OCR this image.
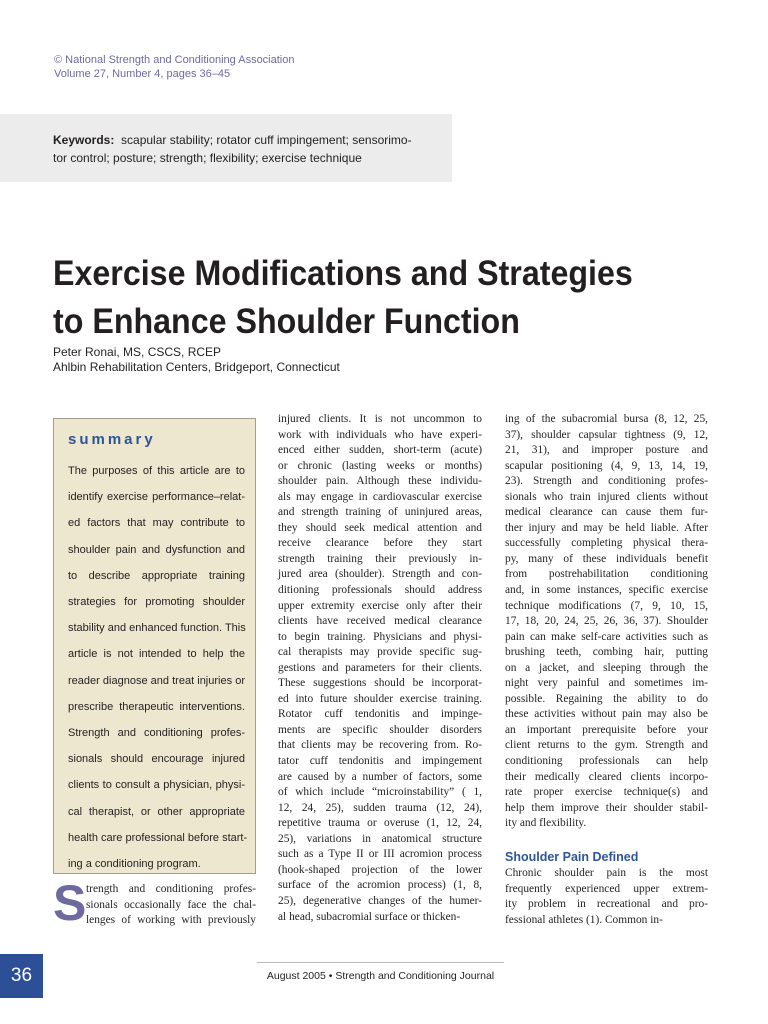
© National Strength and Conditioning Association
Volume 27, Number 4, pages 36–45
Keywords: scapular stability; rotator cuff impingement; sensorimo-
tor control; posture; strength; flexibility; exercise technique
Exercise Modifications and Strategies
to Enhance Shoulder Function
Peter Ronai, MS, CSCS, RCEP
Ahlbin Rehabilitation Centers, Bridgeport, Connecticut
summary
The purposes of this article are to
identify exercise performance–relat-
ed factors that may contribute to
shoulder pain and dysfunction and
to describe appropriate training
strategies for promoting shoulder
stability and enhanced function. This
article is not intended to help the
reader diagnose and treat injuries or
prescribe therapeutic interventions.
Strength and conditioning profes-
sionals should encourage injured
clients to consult a physician, physi-
cal therapist, or other appropriate
health care professional before start-
ing a conditioning program.
S trength and conditioning profes-
sionals occasionally face the chal-
lenges of working with previously
injured clients. It is not uncommon to
work with individuals who have experi-
enced either sudden, short-term (acute)
or chronic (lasting weeks or months)
shoulder pain. Although these individu-
als may engage in cardiovascular exercise
and strength training of uninjured areas,
they should seek medical attention and
receive clearance before they start
strength training their previously in-
jured area (shoulder). Strength and con-
ditioning professionals should address
upper extremity exercise only after their
clients have received medical clearance
to begin training. Physicians and physi-
cal therapists may provide specific sug-
gestions and parameters for their clients.
These suggestions should be incorporat-
ed into future shoulder exercise training.
Rotator cuff tendonitis and impinge-
ments are specific shoulder disorders
that clients may be recovering from. Ro-
tator cuff tendonitis and impingement
are caused by a number of factors, some
of which include “microinstability” ( 1,
12, 24, 25), sudden trauma (12, 24),
repetitive trauma or overuse (1, 12, 24,
25), variations in anatomical structure
such as a Type II or III acromion process
(hook-shaped projection of the lower
surface of the acromion process) (1, 8,
25), degenerative changes of the humer-
al head, subacromial surface or thicken-
ing of the subacromial bursa (8, 12, 25,
37), shoulder capsular tightness (9, 12,
21, 31), and improper posture and
scapular positioning (4, 9, 13, 14, 19,
23). Strength and conditioning profes-
sionals who train injured clients without
medical clearance can cause them fur-
ther injury and may be held liable. After
successfully completing physical thera-
py, many of these individuals benefit
from postrehabilitation conditioning
and, in some instances, specific exercise
technique modifications (7, 9, 10, 15,
17, 18, 20, 24, 25, 26, 36, 37). Shoulder
pain can make self-care activities such as
brushing teeth, combing hair, putting
on a jacket, and sleeping through the
night very painful and sometimes im-
possible. Regaining the ability to do
these activities without pain may also be
an important prerequisite before your
client returns to the gym. Strength and
conditioning professionals can help
their medically cleared clients incorpo-
rate proper exercise technique(s) and
help them improve their shoulder stabil-
ity and flexibility.
Shoulder Pain Defined
Chronic shoulder pain is the most
frequently experienced upper extrem-
ity problem in recreational and pro-
fessional athletes (1). Common in-
36	August 2005 • Strength and Conditioning Journal
